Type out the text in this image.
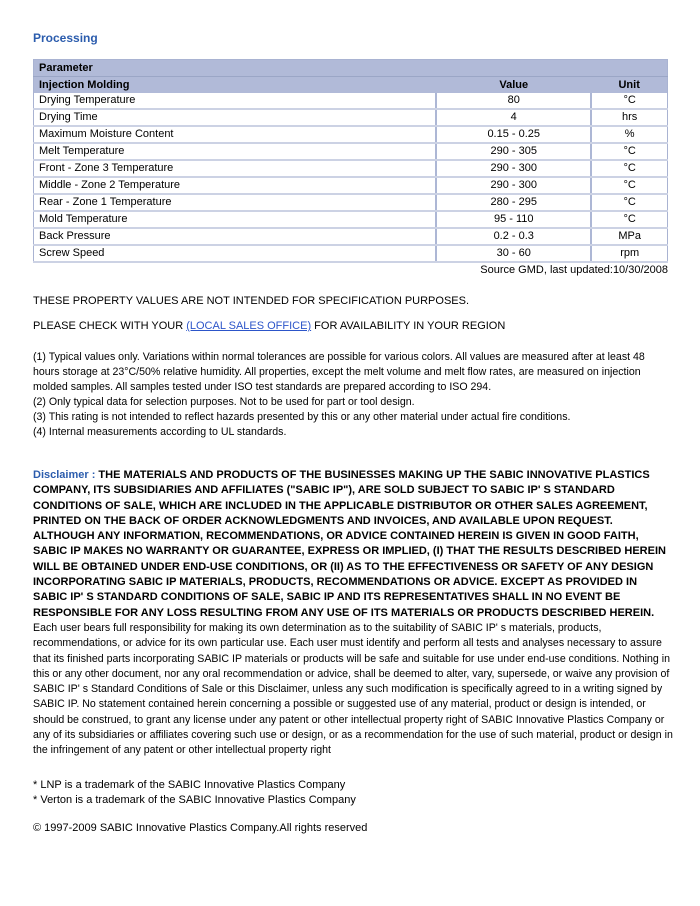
Processing
Parameter		
Injection Molding	Value	Unit
Drying Temperature	80	°C
Drying Time	4	hrs
Maximum Moisture Content	0.15 - 0.25	%
Melt Temperature	290 - 305	°C
Front - Zone 3 Temperature	290 - 300	°C
Middle - Zone 2 Temperature	290 - 300	°C
Rear - Zone 1 Temperature	280 - 295	°C
Mold Temperature	95 - 110	°C
Back Pressure	0.2 - 0.3	MPa
Screw Speed	30 - 60	rpm
Source GMD, last updated:10/30/2008

THESE PROPERTY VALUES ARE NOT INTENDED FOR SPECIFICATION PURPOSES.

PLEASE CHECK WITH YOUR (LOCAL SALES OFFICE) FOR AVAILABILITY IN YOUR REGION

(1) Typical values only. Variations within normal tolerances are possible for various colors. All values are measured after at least 48 hours storage at 23°C/50% relative humidity. All properties, except the melt volume and melt flow rates, are measured on injection molded samples. All samples tested under ISO test standards are prepared according to ISO 294.
(2) Only typical data for selection purposes. Not to be used for part or tool design.
(3) This rating is not intended to reflect hazards presented by this or any other material under actual fire conditions.
(4) Internal measurements according to UL standards.
Disclaimer : THE MATERIALS AND PRODUCTS OF THE BUSINESSES MAKING UP THE SABIC INNOVATIVE PLASTICS COMPANY, ITS SUBSIDIARIES AND AFFILIATES ("SABIC IP"), ARE SOLD SUBJECT TO SABIC IP' S STANDARD CONDITIONS OF SALE, WHICH ARE INCLUDED IN THE APPLICABLE DISTRIBUTOR OR OTHER SALES AGREEMENT, PRINTED ON THE BACK OF ORDER ACKNOWLEDGMENTS AND INVOICES, AND AVAILABLE UPON REQUEST. ALTHOUGH ANY INFORMATION, RECOMMENDATIONS, OR ADVICE CONTAINED HEREIN IS GIVEN IN GOOD FAITH, SABIC IP MAKES NO WARRANTY OR GUARANTEE, EXPRESS OR IMPLIED, (I) THAT THE RESULTS DESCRIBED HEREIN WILL BE OBTAINED UNDER END-USE CONDITIONS, OR (II) AS TO THE EFFECTIVENESS OR SAFETY OF ANY DESIGN INCORPORATING SABIC IP MATERIALS, PRODUCTS, RECOMMENDATIONS OR ADVICE. EXCEPT AS PROVIDED IN SABIC IP' S STANDARD CONDITIONS OF SALE, SABIC IP AND ITS REPRESENTATIVES SHALL IN NO EVENT BE RESPONSIBLE FOR ANY LOSS RESULTING FROM ANY USE OF ITS MATERIALS OR PRODUCTS DESCRIBED HEREIN. Each user bears full responsibility for making its own determination as to the suitability of SABIC IP' s materials, products, recommendations, or advice for its own particular use. Each user must identify and perform all tests and analyses necessary to assure that its finished parts incorporating SABIC IP materials or products will be safe and suitable for use under end-use conditions. Nothing in this or any other document, nor any oral recommendation or advice, shall be deemed to alter, vary, supersede, or waive any provision of SABIC IP' s Standard Conditions of Sale or this Disclaimer, unless any such modification is specifically agreed to in a writing signed by SABIC IP. No statement contained herein concerning a possible or suggested use of any material, product or design is intended, or should be construed, to grant any license under any patent or other intellectual property right of SABIC Innovative Plastics Company or any of its subsidiaries or affiliates covering such use or design, or as a recommendation for the use of such material, product or design in the infringement of any patent or other intellectual property right
* LNP is a trademark of the SABIC Innovative Plastics Company
* Verton is a trademark of the SABIC Innovative Plastics Company
© 1997-2009 SABIC Innovative Plastics Company.All rights reserved
